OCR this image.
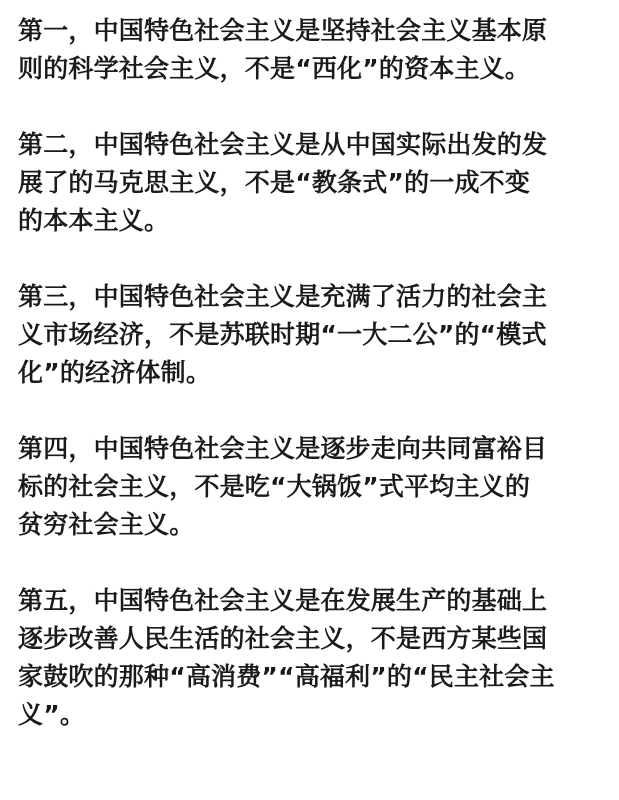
第一，中国特色社会主义是坚持社会主义基本原
则的科学社会主义，不是“西化”的资本主义。

第二，中国特色社会主义是从中国实际出发的发
展了的马克思主义，不是“教条式”的一成不变
的本本主义。

第三，中国特色社会主义是充满了活力的社会主
义市场经济，不是苏联时期“一大二公”的“模式
化”的经济体制。

第四，中国特色社会主义是逐步走向共同富裕目
标的社会主义，不是吃“大锅饭”式平均主义的
贫穷社会主义。

第五，中国特色社会主义是在发展生产的基础上
逐步改善人民生活的社会主义，不是西方某些国
家鼓吹的那种“高消费”“高福利”的“民主社会主
义”。
